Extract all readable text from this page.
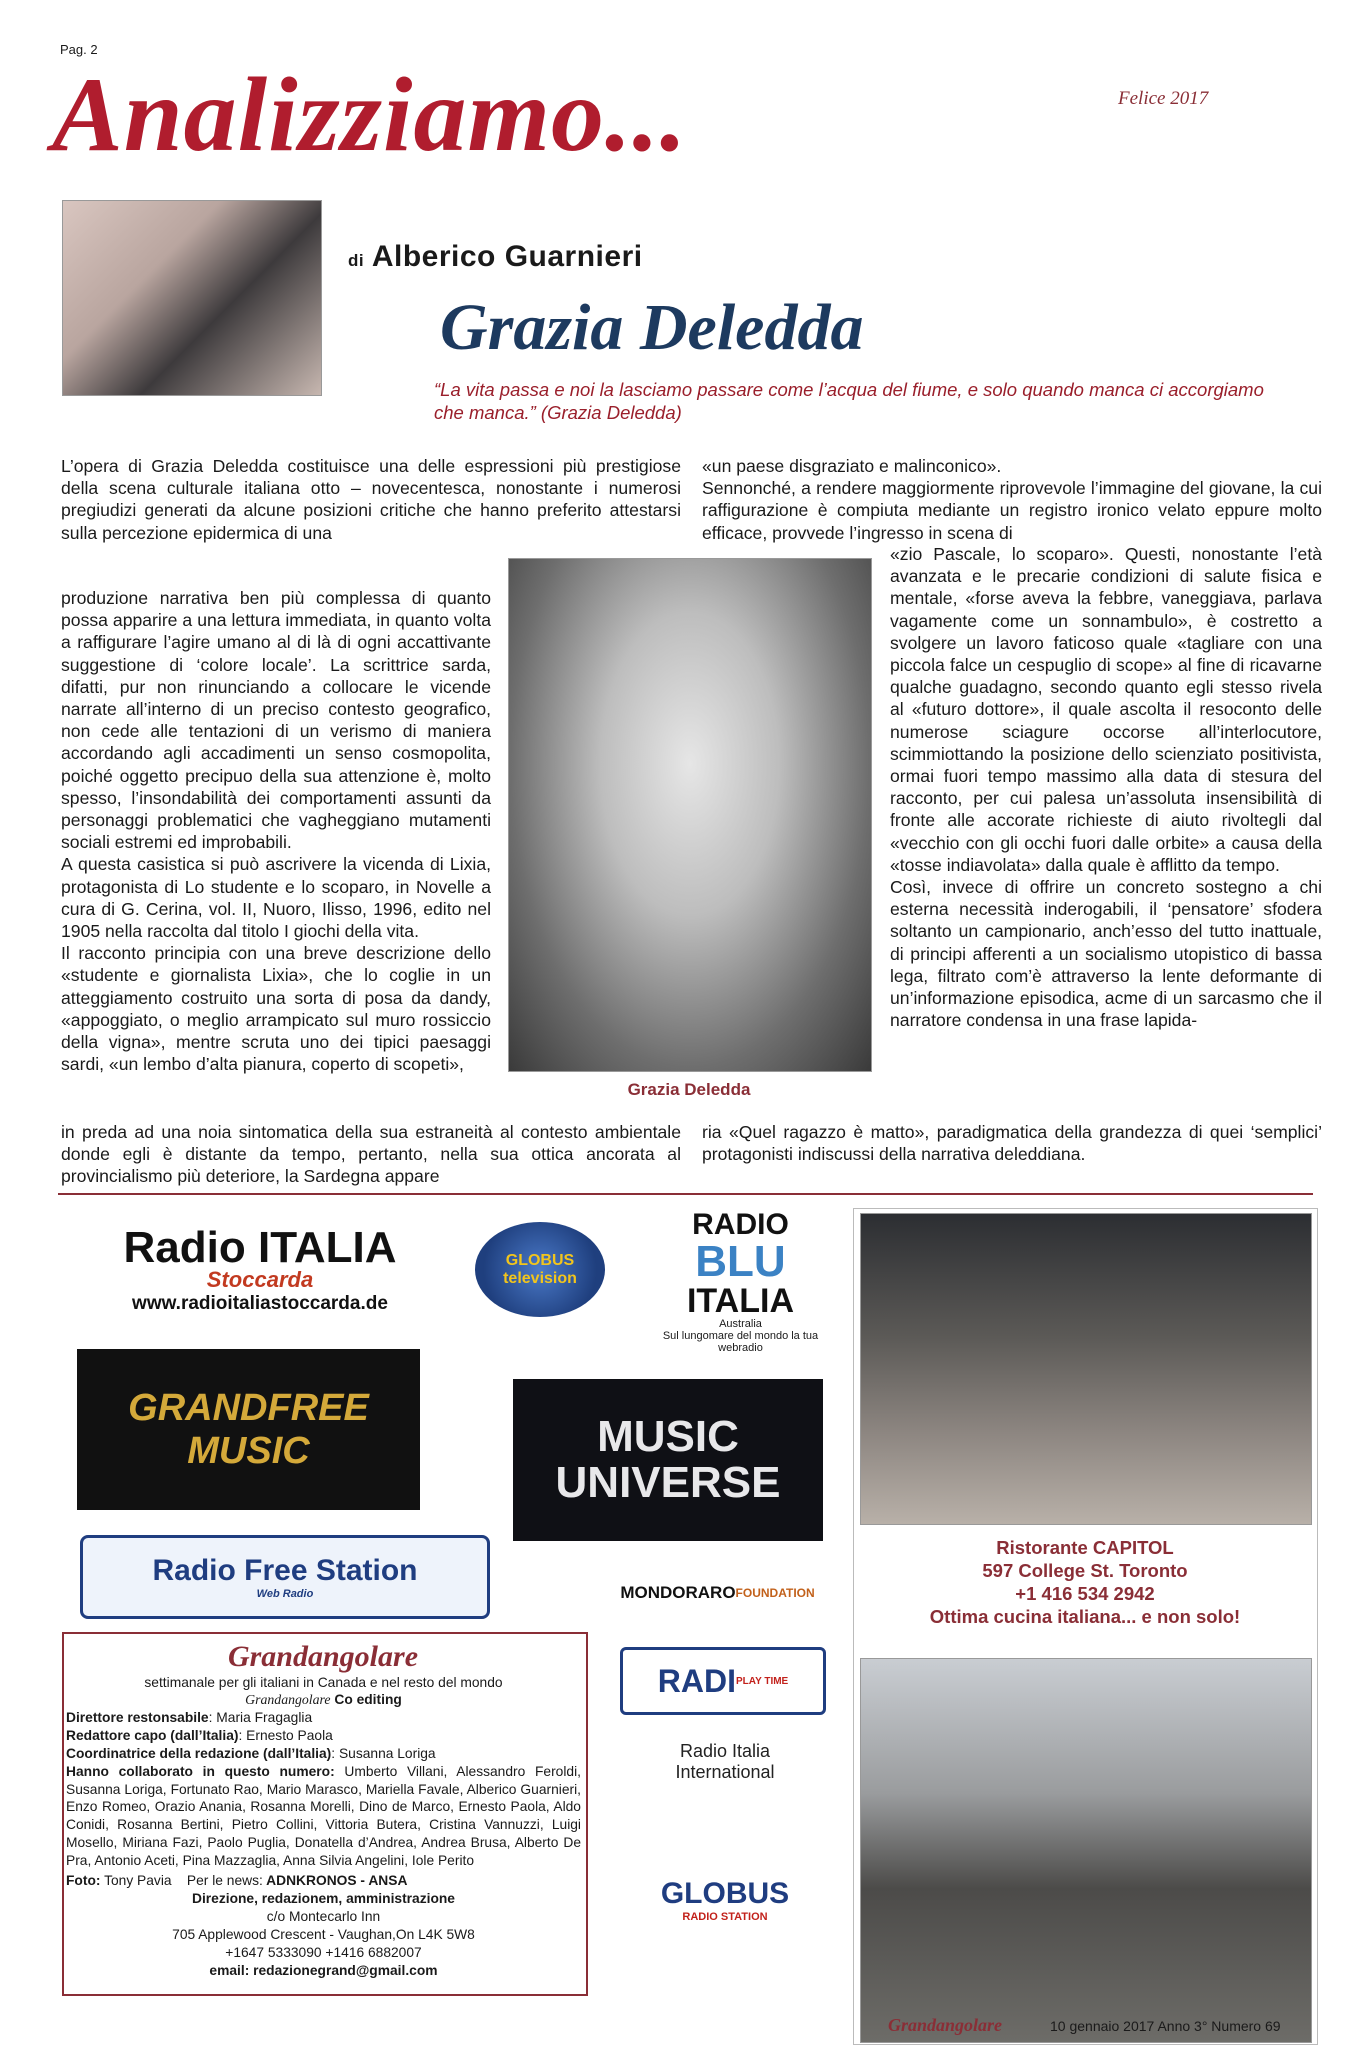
Pag. 2
Analizziamo...	Felice 2017
di Alberico Guarnieri
Grazia Deledda
“La vita passa e noi la lasciamo passare come l’acqua del fiume, e solo quando manca ci accorgiamo che manca.” (Grazia Deledda)

L’opera di Grazia Deledda costituisce una delle espressioni più prestigiose della scena culturale italiana otto – novecentesca, nonostante i numerosi pregiudizi generati da alcune posizioni critiche che hanno preferito attestarsi sulla percezione epidermica di una

produzione narrativa ben più complessa di quanto possa apparire a una lettura immediata, in quanto volta a raffigurare l’agire umano al di là di ogni accattivante suggestione di ‘colore locale’. La scrittrice sarda, difatti, pur non rinunciando a collocare le vicende narrate all’interno di un preciso contesto geografico, non cede alle tentazioni di un verismo di maniera accordando agli accadimenti un senso cosmopolita, poiché oggetto precipuo della sua attenzione è, molto spesso, l’insondabilità dei comportamenti assunti da personaggi problematici che vagheggiano mutamenti sociali estremi ed improbabili.

A questa casistica si può ascrivere la vicenda di Lixia, protagonista di Lo studente e lo scoparo, in Novelle a cura di G. Cerina, vol. II, Nuoro, Ilisso, 1996, edito nel 1905 nella raccolta dal titolo I giochi della vita.

Il racconto principia con una breve descrizione dello «studente e giornalista Lixia», che lo coglie in un atteggiamento costruito una sorta di posa da dandy, «appoggiato, o meglio arrampicato sul muro rossiccio della vigna», mentre scruta uno dei tipici paesaggi sardi, «un lembo d’alta pianura, coperto di scopeti»,

in preda ad una noia sintomatica della sua estraneità al contesto ambientale donde egli è distante da tempo, pertanto, nella sua ottica ancorata al provincialismo più deteriore, la Sardegna appare

«un paese disgraziato e malinconico».

Sennonché, a rendere maggiormente riprovevole l’immagine del giovane, la cui raffigurazione è compiuta mediante un registro ironico velato eppure molto efficace, provvede l’ingresso in scena di

«zio Pascale, lo scoparo». Questi, nonostante l’età avanzata e le precarie condizioni di salute fisica e mentale, «forse aveva la febbre, vaneggiava, parlava vagamente come un sonnambulo», è costretto a svolgere un lavoro faticoso quale «tagliare con una piccola falce un cespuglio di scope» al fine di ricavarne qualche guadagno, secondo quanto egli stesso rivela al «futuro dottore», il quale ascolta il resoconto delle numerose sciagure occorse all’interlocutore, scimmiottando la posizione dello scienziato positivista, ormai fuori tempo massimo alla data di stesura del racconto, per cui palesa un’assoluta insensibilità di fronte alle accorate richieste di aiuto rivoltegli dal «vecchio con gli occhi fuori dalle orbite» a causa della «tosse indiavolata» dalla quale è afflitto da tempo.

Così, invece di offrire un concreto sostegno a chi esterna necessità inderogabili, il ‘pensatore’ sfodera soltanto un campionario, anch’esso del tutto inattuale, di principi afferenti a un socialismo utopistico di bassa lega, filtrato com’è attraverso la lente deformante di un’informazione episodica, acme di un sarcasmo che il narratore condensa in una frase lapida-

ria «Quel ragazzo è matto», paradigmatica della grandezza di quei ‘semplici’ protagonisti indiscussi della narrativa deleddiana.

Grazia Deledda
Radio ITALIA
Stoccarda
www.radioitaliastoccarda.de
GLOBUS television
RADIO
BLU
ITALIA
Australia
Sul lungomare del mondo la tua webradio
GRANDFREE
MUSIC	MUSIC
UNIVERSE
Radio Free Station
Web Radio	MONDORARO FOUNDATION
RADI PLAY TIME
Radio Italia
International
GLOBUS
RADIO STATION
Ristorante CAPITOL
597 College St. Toronto
+1 416 534 2942
Ottima cucina italiana... e non solo!
Grandangolare
settimanale per gli italiani in Canada e nel resto del mondo
Grandangolare Co editing
Direttore restonsabile: Maria Fragaglia
Redattore capo (dall’Italia): Ernesto Paola
Coordinatrice della redazione (dall’Italia): Susanna Loriga
Hanno collaborato in questo numero: Umberto Villani, Alessandro Feroldi, Susanna Loriga, Fortunato Rao, Mario Marasco, Mariella Favale, Alberico Guarnieri, Enzo Romeo, Orazio Anania, Rosanna Morelli, Dino de Marco, Ernesto Paola, Aldo Conidi, Rosanna Bertini, Pietro Collini, Vittoria Butera, Cristina Vannuzzi, Luigi Mosello, Miriana Fazi, Paolo Puglia, Donatella d’Andrea, Andrea Brusa, Alberto De Pra, Antonio Aceti, Pina Mazzaglia, Anna Silvia Angelini, Iole Perito
Foto: Tony Pavia Per le news: ADNKRONOS - ANSA
Direzione, redazionem, amministrazione
c/o Montecarlo Inn
705 Applewood Crescent - Vaughan,On L4K 5W8
+1647 5333090 +1416 6882007
email: redazionegrand@gmail.com
Grandangolare	10 gennaio 2017 Anno 3° Numero 69
